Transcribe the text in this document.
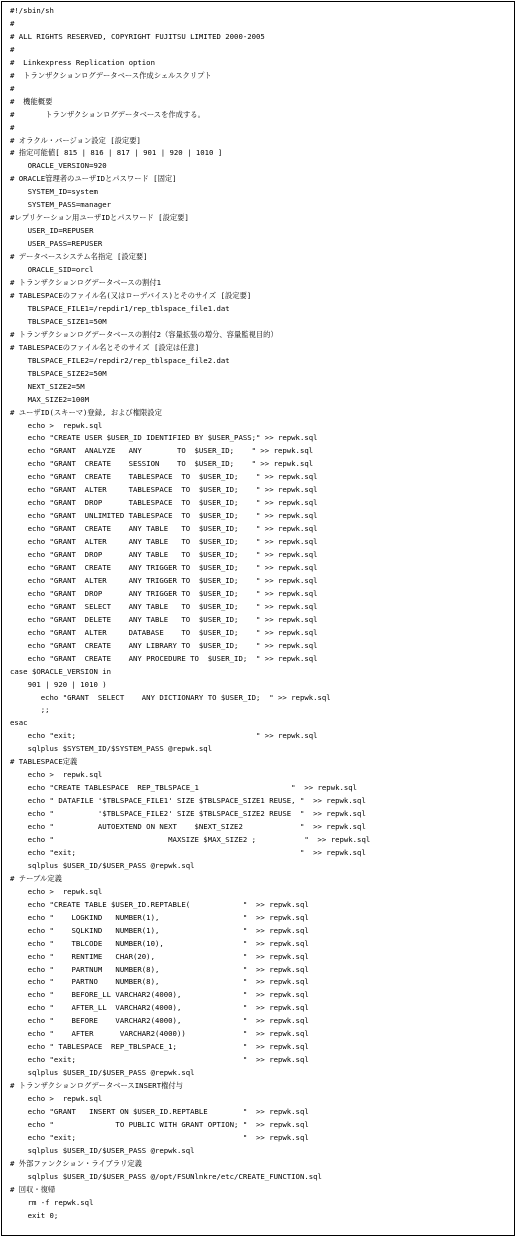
#!/sbin/sh
#
# ALL RIGHTS RESERVED, COPYRIGHT FUJITSU LIMITED 2000-2005
#
#  Linkexpress Replication option
#  トランザクションログデータベース作成シェルスクリプト
#
#  機能概要
#       トランザクションログデータベースを作成する。
#
# オラクル・バージョン設定 [設定要]
# 指定可能値[ 815 | 816 | 817 | 901 | 920 | 1010 ]
ORACLE_VERSION=920
# ORACLE管理者のユーザIDとパスワード [固定]
SYSTEM_ID=system
SYSTEM_PASS=manager
#レプリケーション用ユーザIDとパスワード [設定要]
USER_ID=REPUSER
USER_PASS=REPUSER
# データベースシステム名指定 [設定要]
ORACLE_SID=orcl
# トランザクションログデータベースの割付1
# TABLESPACEのファイル名(又はローデバイス)とそのサイズ [設定要]
TBLSPACE_FILE1=/repdir1/rep_tblspace_file1.dat
TBLSPACE_SIZE1=50M
# トランザクションログデータベースの割付2（容量拡張の増分、容量監視目的）
# TABLESPACEのファイル名とそのサイズ [設定は任意]
TBLSPACE_FILE2=/repdir2/rep_tblspace_file2.dat
TBLSPACE_SIZE2=50M
NEXT_SIZE2=5M
MAX_SIZE2=100M
# ユーザID(スキーマ)登録, および権限設定
echo >  repwk.sql
echo "CREATE USER $USER_ID IDENTIFIED BY $USER_PASS;" >> repwk.sql
echo "GRANT  ANALYZE   ANY        TO  $USER_ID;    " >> repwk.sql
echo "GRANT  CREATE    SESSION    TO  $USER_ID;    " >> repwk.sql
echo "GRANT  CREATE    TABLESPACE  TO  $USER_ID;    " >> repwk.sql
echo "GRANT  ALTER     TABLESPACE  TO  $USER_ID;    " >> repwk.sql
echo "GRANT  DROP      TABLESPACE  TO  $USER_ID;    " >> repwk.sql
echo "GRANT  UNLIMITED TABLESPACE  TO  $USER_ID;    " >> repwk.sql
echo "GRANT  CREATE    ANY TABLE   TO  $USER_ID;    " >> repwk.sql
echo "GRANT  ALTER     ANY TABLE   TO  $USER_ID;    " >> repwk.sql
echo "GRANT  DROP      ANY TABLE   TO  $USER_ID;    " >> repwk.sql
echo "GRANT  CREATE    ANY TRIGGER TO  $USER_ID;    " >> repwk.sql
echo "GRANT  ALTER     ANY TRIGGER TO  $USER_ID;    " >> repwk.sql
echo "GRANT  DROP      ANY TRIGGER TO  $USER_ID;    " >> repwk.sql
echo "GRANT  SELECT    ANY TABLE   TO  $USER_ID;    " >> repwk.sql
echo "GRANT  DELETE    ANY TABLE   TO  $USER_ID;    " >> repwk.sql
echo "GRANT  ALTER     DATABASE    TO  $USER_ID;    " >> repwk.sql
echo "GRANT  CREATE    ANY LIBRARY TO  $USER_ID;    " >> repwk.sql
echo "GRANT  CREATE    ANY PROCEDURE TO  $USER_ID;  " >> repwk.sql
case $ORACLE_VERSION in
901 | 920 | 1010 )
echo "GRANT  SELECT    ANY DICTIONARY TO $USER_ID;  " >> repwk.sql
;;
esac
echo "exit;                                         " >> repwk.sql
sqlplus $SYSTEM_ID/$SYSTEM_PASS @repwk.sql
# TABLESPACE定義
echo >  repwk.sql
echo "CREATE TABLESPACE  REP_TBLSPACE_1                     "  >> repwk.sql
echo " DATAFILE '$TBLSPACE_FILE1' SIZE $TBLSPACE_SIZE1 REUSE, "  >> repwk.sql
echo "          '$TBLSPACE_FILE2' SIZE $TBLSPACE_SIZE2 REUSE  "  >> repwk.sql
echo "          AUTOEXTEND ON NEXT    $NEXT_SIZE2             "  >> repwk.sql
echo "                          MAXSIZE $MAX_SIZE2 ;           "  >> repwk.sql
echo "exit;                                                   "  >> repwk.sql
sqlplus $USER_ID/$USER_PASS @repwk.sql
# テーブル定義
echo >  repwk.sql
echo "CREATE TABLE $USER_ID.REPTABLE(            "  >> repwk.sql
echo "    LOGKIND   NUMBER(1),                   "  >> repwk.sql
echo "    SQLKIND   NUMBER(1),                   "  >> repwk.sql
echo "    TBLCODE   NUMBER(10),                  "  >> repwk.sql
echo "    RENTIME   CHAR(20),                    "  >> repwk.sql
echo "    PARTNUM   NUMBER(8),                   "  >> repwk.sql
echo "    PARTNO    NUMBER(8),                   "  >> repwk.sql
echo "    BEFORE_LL VARCHAR2(4000),              "  >> repwk.sql
echo "    AFTER_LL  VARCHAR2(4000),              "  >> repwk.sql
echo "    BEFORE    VARCHAR2(4000),              "  >> repwk.sql
echo "    AFTER      VARCHAR2(4000))             "  >> repwk.sql
echo " TABLESPACE  REP_TBLSPACE_1;               "  >> repwk.sql
echo "exit;                                      "  >> repwk.sql
sqlplus $USER_ID/$USER_PASS @repwk.sql
# トランザクションログデータベースINSERT権付与
echo >  repwk.sql
echo "GRANT   INSERT ON $USER_ID.REPTABLE        "  >> repwk.sql
echo "              TO PUBLIC WITH GRANT OPTION; "  >> repwk.sql
echo "exit;                                      "  >> repwk.sql
sqlplus $USER_ID/$USER_PASS @repwk.sql
# 外部ファンクション・ライブラリ定義
sqlplus $USER_ID/$USER_PASS @/opt/FSUNlnkre/etc/CREATE_FUNCTION.sql
# 回収・復帰
rm -f repwk.sql
exit 0;
